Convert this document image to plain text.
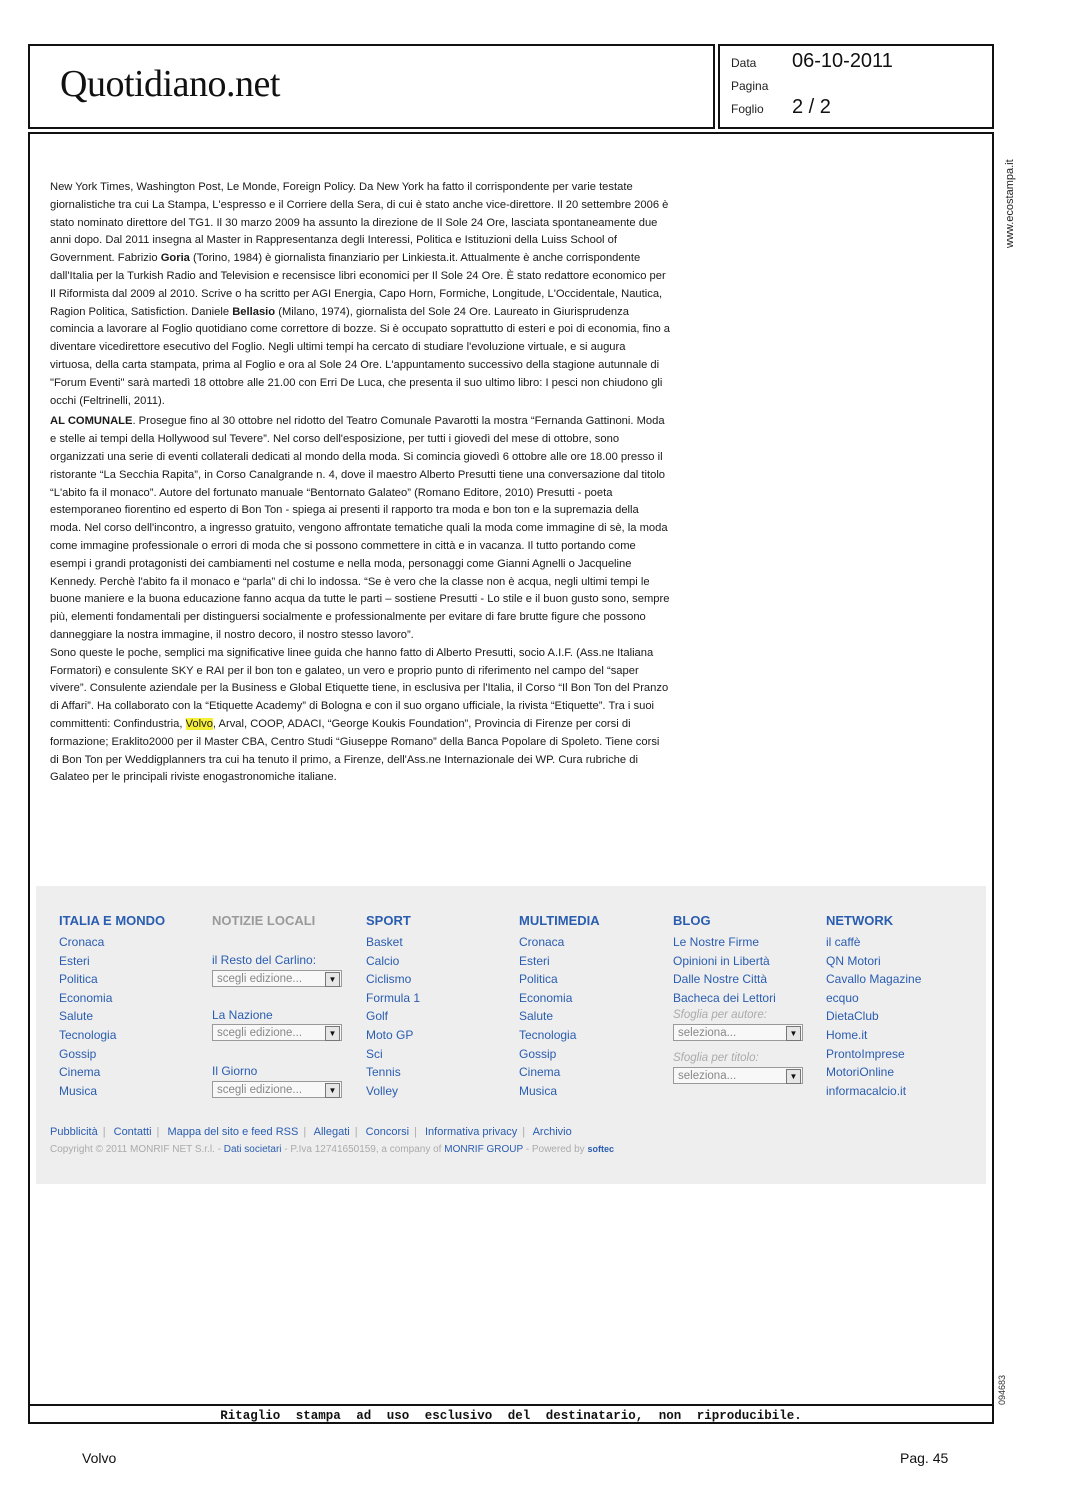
Quotidiano.net	Data 06-10-2011
Pagina
Foglio 2 / 2
www.ecostampa.it
094683

New York Times, Washington Post, Le Monde, Foreign Policy. Da New York ha fatto il corrispondente per varie testate giornalistiche tra cui La Stampa, L'espresso e il Corriere della Sera, di cui è stato anche vice-direttore. Il 20 settembre 2006 è stato nominato direttore del TG1. Il 30 marzo 2009 ha assunto la direzione de Il Sole 24 Ore, lasciata spontaneamente due anni dopo. Dal 2011 insegna al Master in Rappresentanza degli Interessi, Politica e Istituzioni della Luiss School of Government. Fabrizio Goria (Torino, 1984) è giornalista finanziario per Linkiesta.it. Attualmente è anche corrispondente dall'Italia per la Turkish Radio and Television e recensisce libri economici per Il Sole 24 Ore. È stato redattore economico per Il Riformista dal 2009 al 2010. Scrive o ha scritto per AGI Energia, Capo Horn, Formiche, Longitude, L'Occidentale, Nautica, Ragion Politica, Satisfiction. Daniele Bellasio (Milano, 1974), giornalista del Sole 24 Ore. Laureato in Giurisprudenza comincia a lavorare al Foglio quotidiano come correttore di bozze. Si è occupato soprattutto di esteri e poi di economia, fino a diventare vicedirettore esecutivo del Foglio. Negli ultimi tempi ha cercato di studiare l'evoluzione virtuale, e si augura virtuosa, della carta stampata, prima al Foglio e ora al Sole 24 Ore. L'appuntamento successivo della stagione autunnale di "Forum Eventi" sarà martedì 18 ottobre alle 21.00 con Erri De Luca, che presenta il suo ultimo libro: I pesci non chiudono gli occhi (Feltrinelli, 2011).

AL COMUNALE. Prosegue fino al 30 ottobre nel ridotto del Teatro Comunale Pavarotti la mostra “Fernanda Gattinoni. Moda e stelle ai tempi della Hollywood sul Tevere”. Nel corso dell'esposizione, per tutti i giovedì del mese di ottobre, sono organizzati una serie di eventi collaterali dedicati al mondo della moda. Si comincia giovedì 6 ottobre alle ore 18.00 presso il ristorante “La Secchia Rapita”, in Corso Canalgrande n. 4, dove il maestro Alberto Presutti tiene una conversazione dal titolo “L'abito fa il monaco”. Autore del fortunato manuale “Bentornato Galateo” (Romano Editore, 2010) Presutti - poeta estemporaneo fiorentino ed esperto di Bon Ton - spiega ai presenti il rapporto tra moda e bon ton e la supremazia della moda. Nel corso dell'incontro, a ingresso gratuito, vengono affrontate tematiche quali la moda come immagine di sè, la moda come immagine professionale o errori di moda che si possono commettere in città e in vacanza. Il tutto portando come esempi i grandi protagonisti dei cambiamenti nel costume e nella moda, personaggi come Gianni Agnelli o Jacqueline Kennedy. Perchè l'abito fa il monaco e “parla” di chi lo indossa. “Se è vero che la classe non è acqua, negli ultimi tempi le buone maniere e la buona educazione fanno acqua da tutte le parti – sostiene Presutti - Lo stile e il buon gusto sono, sempre più, elementi fondamentali per distinguersi socialmente e professionalmente per evitare di fare brutte figure che possono danneggiare la nostra immagine, il nostro decoro, il nostro stesso lavoro”.
Sono queste le poche, semplici ma significative linee guida che hanno fatto di Alberto Presutti, socio A.I.F. (Ass.ne Italiana Formatori) e consulente SKY e RAI per il bon ton e galateo, un vero e proprio punto di riferimento nel campo del “saper vivere”. Consulente aziendale per la Business e Global Etiquette tiene, in esclusiva per l'Italia, il Corso “Il Bon Ton del Pranzo di Affari”. Ha collaborato con la “Etiquette Academy” di Bologna e con il suo organo ufficiale, la rivista “Etiquette”. Tra i suoi committenti: Confindustria, Volvo, Arval, COOP, ADACI, “George Koukis Foundation”, Provincia di Firenze per corsi di formazione; Eraklito2000 per il Master CBA, Centro Studi “Giuseppe Romano” della Banca Popolare di Spoleto. Tiene corsi di Bon Ton per Weddigplanners tra cui ha tenuto il primo, a Firenze, dell'Ass.ne Internazionale dei WP. Cura rubriche di Galateo per le principali riviste enogastronomiche italiane.

ITALIA E MONDO
Cronaca
Esteri
Politica
Economia
Salute
Tecnologia
Gossip
Cinema
Musica
NOTIZIE LOCALI
il Resto del Carlino:
scegli edizione...	▼
La Nazione
scegli edizione...	▼
Il Giorno
scegli edizione...	▼
SPORT
Basket
Calcio
Ciclismo
Formula 1
Golf
Moto GP
Sci
Tennis
Volley
MULTIMEDIA
Cronaca
Esteri
Politica
Economia
Salute
Tecnologia
Gossip
Cinema
Musica
BLOG
Le Nostre Firme
Opinioni in Libertà
Dalle Nostre Città
Bacheca dei Lettori
Sfoglia per autore:
seleziona...	▼
Sfoglia per titolo:
seleziona...	▼
NETWORK
il caffè
QN Motori
Cavallo Magazine
ecquo
DietaClub
Home.it
ProntoImprese
MotoriOnline
informacalcio.it
Pubblicità | Contatti | Mappa del sito e feed RSS | Allegati | Concorsi | Informativa privacy | Archivio
Copyright © 2011 MONRIF NET S.r.l. - Dati societari - P.Iva 12741650159, a company of MONRIF GROUP - Powered by softec
Ritaglio stampa ad uso esclusivo del destinatario, non riproducibile.
Volvo	Pag. 45
